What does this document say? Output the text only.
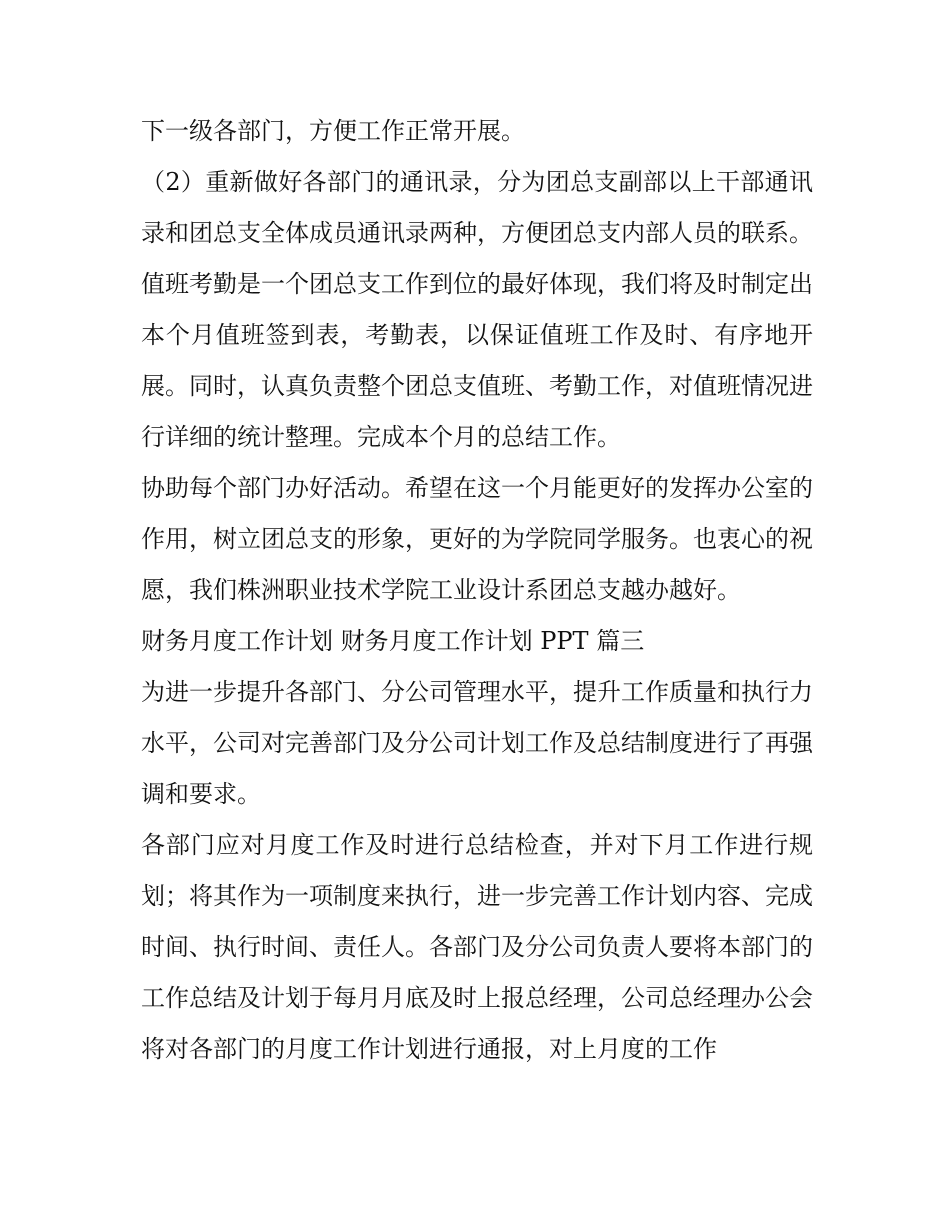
下一级各部门，方便工作正常开展。

（2）重新做好各部门的通讯录，分为团总支副部以上干部通讯录和团总支全体成员通讯录两种，方便团总支内部人员的联系。

值班考勤是一个团总支工作到位的最好体现，我们将及时制定出本个月值班签到表，考勤表，以保证值班工作及时、有序地开展。同时，认真负责整个团总支值班、考勤工作，对值班情况进行详细的统计整理。完成本个月的总结工作。

协助每个部门办好活动。希望在这一个月能更好的发挥办公室的作用，树立团总支的形象，更好的为学院同学服务。也衷心的祝愿，我们株洲职业技术学院工业设计系团总支越办越好。

财务月度工作计划 财务月度工作计划 PPT 篇三

为进一步提升各部门、分公司管理水平，提升工作质量和执行力水平，公司对完善部门及分公司计划工作及总结制度进行了再强调和要求。

各部门应对月度工作及时进行总结检查，并对下月工作进行规划；将其作为一项制度来执行，进一步完善工作计划内容、完成时间、执行时间、责任人。各部门及分公司负责人要将本部门的工作总结及计划于每月月底及时上报总经理，公司总经理办公会将对各部门的月度工作计划进行通报，对上月度的工作
